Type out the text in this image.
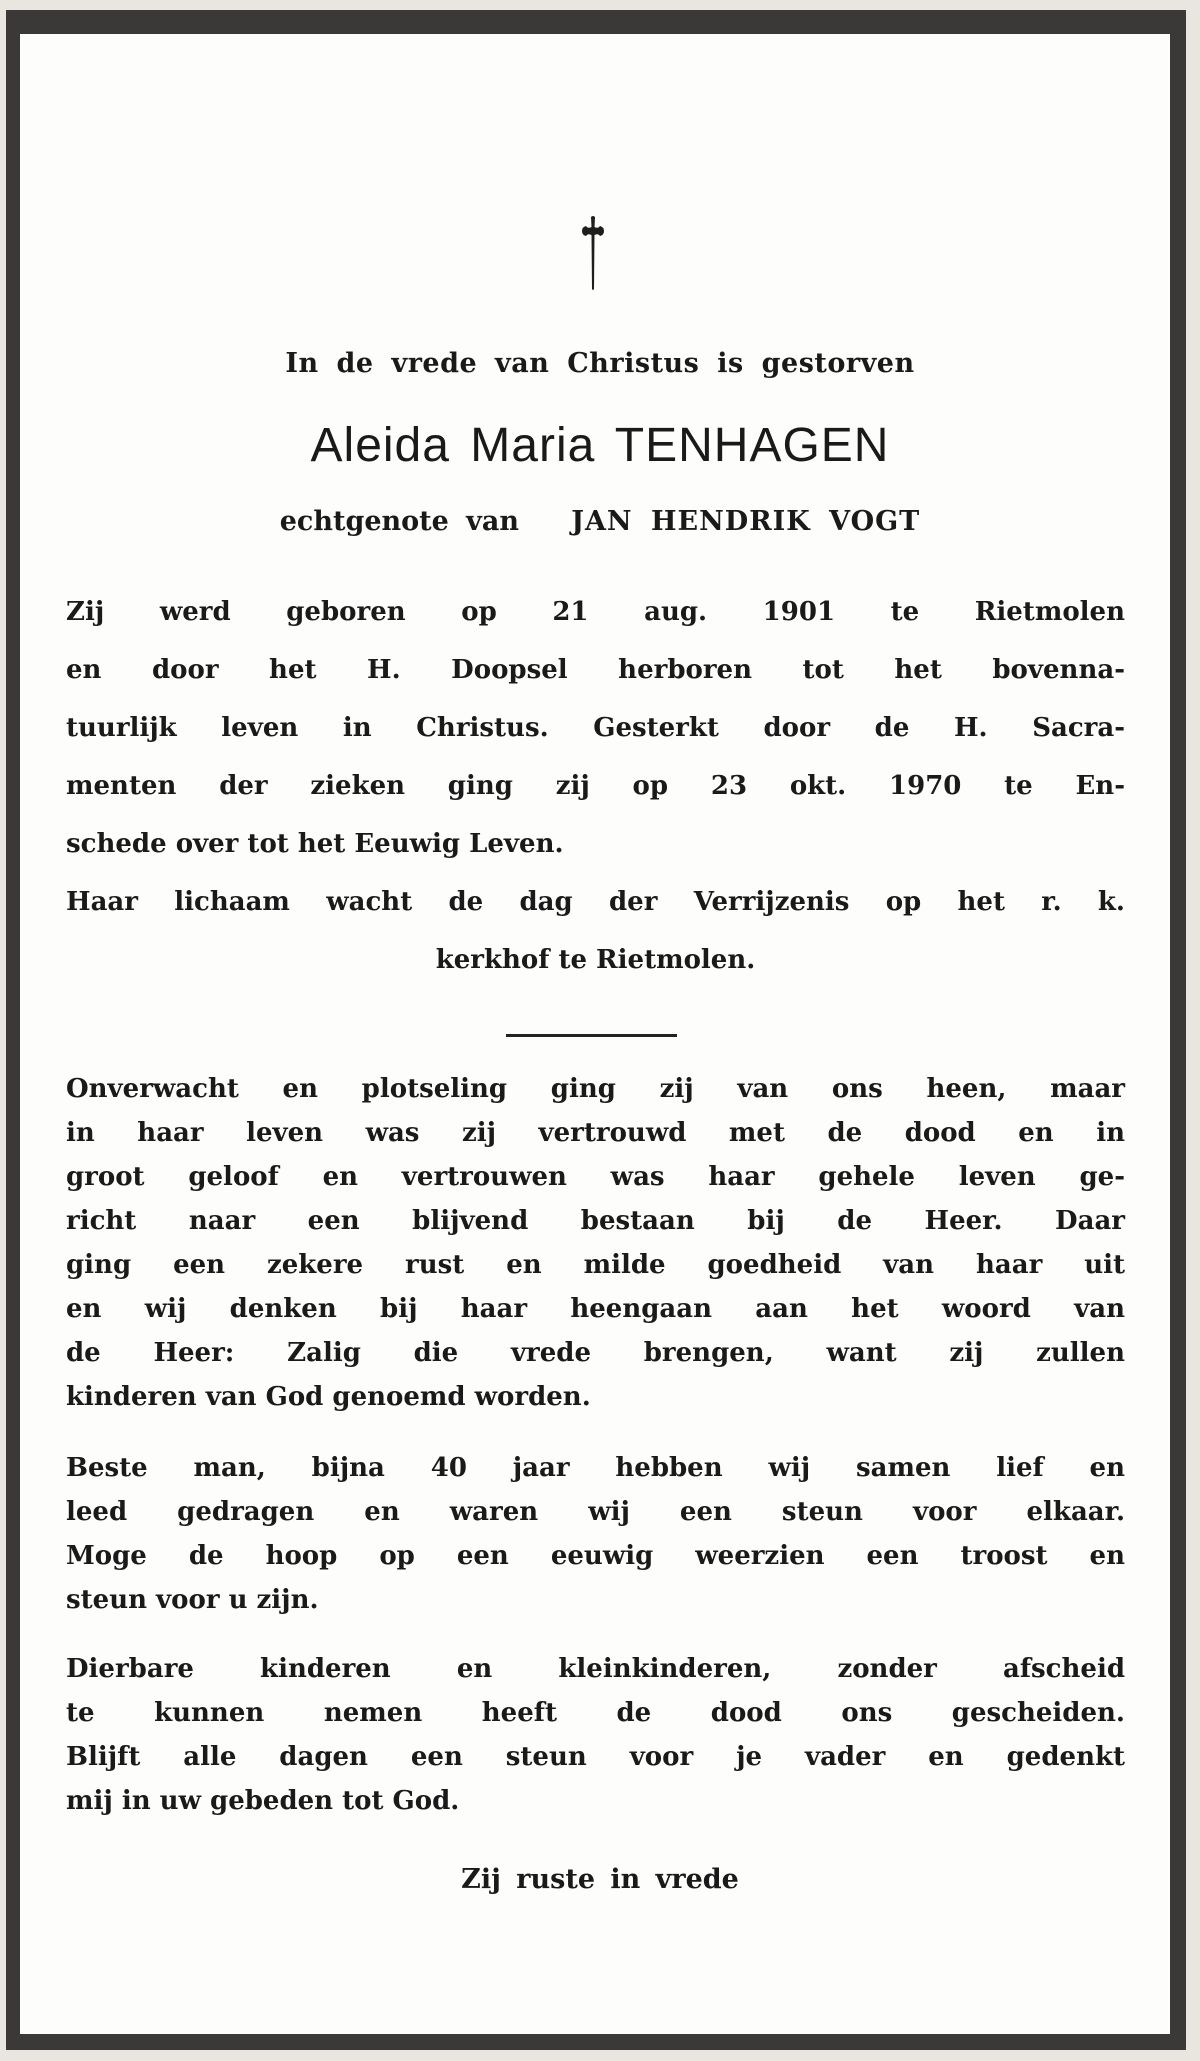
In de vrede van Christus is gestorven
Aleida Maria TENHAGEN
echtgenote van JAN HENDRIK VOGT
Zij werd geboren op 21 aug. 1901 te Rietmolen
en door het H. Doopsel herboren tot het bovenna-
tuurlijk leven in Christus. Gesterkt door de H. Sacra-
menten der zieken ging zij op 23 okt. 1970 te En-
schede over tot het Eeuwig Leven.
Haar lichaam wacht de dag der Verrijzenis op het r. k.
kerkhof te Rietmolen.
Onverwacht en plotseling ging zij van ons heen, maar
in haar leven was zij vertrouwd met de dood en in
groot geloof en vertrouwen was haar gehele leven ge-
richt naar een blijvend bestaan bij de Heer. Daar
ging een zekere rust en milde goedheid van haar uit
en wij denken bij haar heengaan aan het woord van
de Heer: Zalig die vrede brengen, want zij zullen
kinderen van God genoemd worden.
Beste man, bijna 40 jaar hebben wij samen lief en
leed gedragen en waren wij een steun voor elkaar.
Moge de hoop op een eeuwig weerzien een troost en
steun voor u zijn.
Dierbare kinderen en kleinkinderen, zonder afscheid
te kunnen nemen heeft de dood ons gescheiden.
Blijft alle dagen een steun voor je vader en gedenkt
mij in uw gebeden tot God.
Zij ruste in vrede
